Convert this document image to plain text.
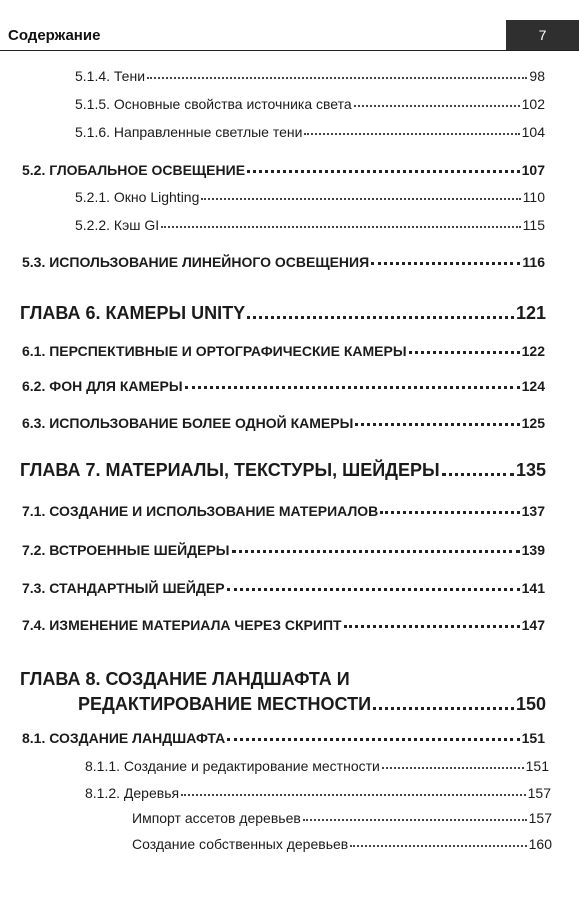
Содержание	7
5.1.4. Тени	98
5.1.5. Основные свойства источника света	102
5.1.6. Направленные светлые тени	104
5.2. ГЛОБАЛЬНОЕ ОСВЕЩЕНИЕ	107
5.2.1. Окно Lighting	110
5.2.2. Кэш GI	115
5.3. ИСПОЛЬЗОВАНИЕ ЛИНЕЙНОГО ОСВЕЩЕНИЯ	116
ГЛАВА 6. КАМЕРЫ UNITY	121
6.1. ПЕРСПЕКТИВНЫЕ И ОРТОГРАФИЧЕСКИЕ КАМЕРЫ	122
6.2. ФОН ДЛЯ КАМЕРЫ	124
6.3. ИСПОЛЬЗОВАНИЕ БОЛЕЕ ОДНОЙ КАМЕРЫ	125
ГЛАВА 7. МАТЕРИАЛЫ, ТЕКСТУРЫ, ШЕЙДЕРЫ	135
7.1. СОЗДАНИЕ И ИСПОЛЬЗОВАНИЕ МАТЕРИАЛОВ	137
7.2. ВСТРОЕННЫЕ ШЕЙДЕРЫ	139
7.3. СТАНДАРТНЫЙ ШЕЙДЕР	141
7.4. ИЗМЕНЕНИЕ МАТЕРИАЛА ЧЕРЕЗ СКРИПТ	147
ГЛАВА 8. СОЗДАНИЕ ЛАНДШАФТА И
РЕДАКТИРОВАНИЕ МЕСТНОСТИ	150
8.1. СОЗДАНИЕ ЛАНДШАФТА	151
8.1.1. Создание и редактирование местности	151
8.1.2. Деревья	157
Импорт ассетов деревьев	157
Создание собственных деревьев	160
